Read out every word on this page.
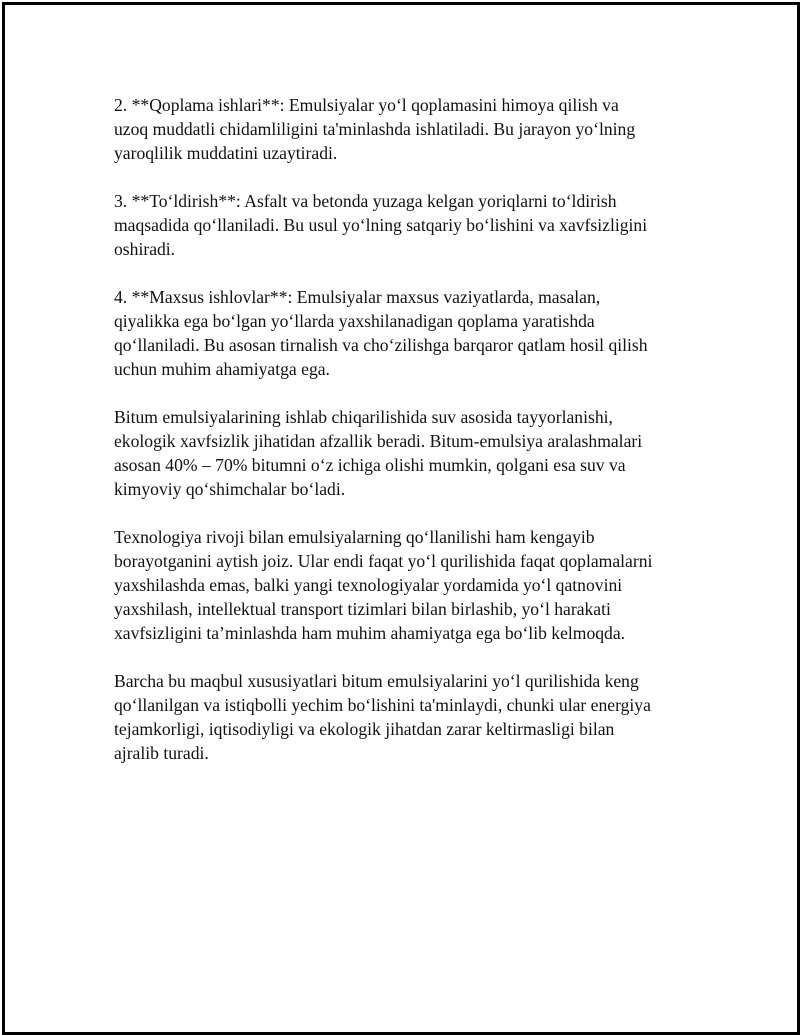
2. **Qoplama ishlari**: Emulsiyalar yo‘l qoplamasini himoya qilish va
uzoq muddatli chidamliligini ta'minlashda ishlatiladi. Bu jarayon yo‘lning
yaroqlilik muddatini uzaytiradi.

3. **To‘ldirish**: Asfalt va betonda yuzaga kelgan yoriqlarni to‘ldirish
maqsadida qo‘llaniladi. Bu usul yo‘lning satqariy bo‘lishini va xavfsizligini
oshiradi.

4. **Maxsus ishlovlar**: Emulsiyalar maxsus vaziyatlarda, masalan,
qiyalikka ega bo‘lgan yo‘llarda yaxshilanadigan qoplama yaratishda
qo‘llaniladi. Bu asosan tirnalish va cho‘zilishga barqaror qatlam hosil qilish
uchun muhim ahamiyatga ega.

Bitum emulsiyalarining ishlab chiqarilishida suv asosida tayyorlanishi,
ekologik xavfsizlik jihatidan afzallik beradi. Bitum-emulsiya aralashmalari
asosan 40% – 70% bitumni o‘z ichiga olishi mumkin, qolgani esa suv va
kimyoviy qo‘shimchalar bo‘ladi.

Texnologiya rivoji bilan emulsiyalarning qo‘llanilishi ham kengayib
borayotganini aytish joiz. Ular endi faqat yo‘l qurilishida faqat qoplamalarni
yaxshilashda emas, balki yangi texnologiyalar yordamida yo‘l qatnovini
yaxshilash, intellektual transport tizimlari bilan birlashib, yo‘l harakati
xavfsizligini ta’minlashda ham muhim ahamiyatga ega bo‘lib kelmoqda.

Barcha bu maqbul xususiyatlari bitum emulsiyalarini yo‘l qurilishida keng
qo‘llanilgan va istiqbolli yechim bo‘lishini ta'minlaydi, chunki ular energiya
tejamkorligi, iqtisodiyligi va ekologik jihatdan zarar keltirmasligi bilan
ajralib turadi.
